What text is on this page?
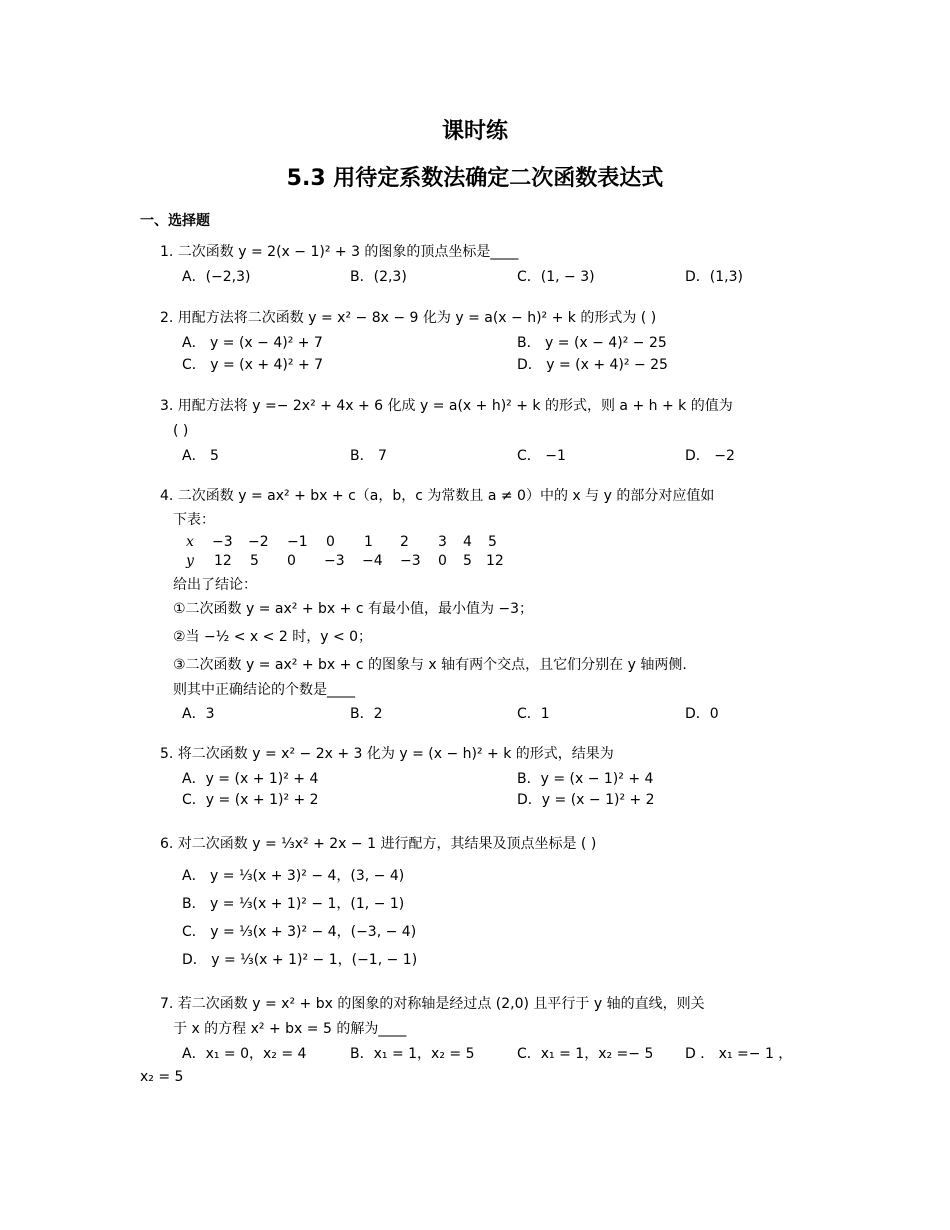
课时练
5.3 用待定系数法确定二次函数表达式
一、选择题
1. 二次函数 y = 2(x − 1)² + 3 的图象的顶点坐标是____
A．(−2,3)	B．(2,3)	C．(1, − 3)	D．(1,3)
2. 用配方法将二次函数 y = x² − 8x − 9 化为 y = a(x − h)² + k 的形式为 ( )
A． y = (x − 4)² + 7	B． y = (x − 4)² − 25
C． y = (x + 4)² + 7	D． y = (x + 4)² − 25
3. 用配方法将 y =− 2x² + 4x + 6 化成 y = a(x + h)² + k 的形式，则 a + h + k 的值为
( )
A． 5	B． 7	C． −1	D． −2
4. 二次函数 y = ax² + bx + c（a，b，c 为常数且 a ≠ 0）中的 x 与 y 的部分对应值如
下表：
x −3 −2 −1 0 1 2 3 4 5
y 12 5 0 −3 −4 −3 0 5 12
给出了结论：
①二次函数 y = ax² + bx + c 有最小值，最小值为 −3；
②当 −½ < x < 2 时，y < 0；
③二次函数 y = ax² + bx + c 的图象与 x 轴有两个交点，且它们分别在 y 轴两侧.
则其中正确结论的个数是____
A．3	B．2	C．1	D．0
5. 将二次函数 y = x² − 2x + 3 化为 y = (x − h)² + k 的形式，结果为
A．y = (x + 1)² + 4	B．y = (x − 1)² + 4
C．y = (x + 1)² + 2	D．y = (x − 1)² + 2
6. 对二次函数 y = ⅓x² + 2x − 1 进行配方，其结果及顶点坐标是 ( )
A． y = ⅓(x + 3)² − 4，(3, − 4)
B． y = ⅓(x + 1)² − 1，(1, − 1)
C． y = ⅓(x + 3)² − 4，(−3, − 4)
D． y = ⅓(x + 1)² − 1，(−1, − 1)
7. 若二次函数 y = x² + bx 的图象的对称轴是经过点 (2,0) 且平行于 y 轴的直线，则关
于 x 的方程 x² + bx = 5 的解为____
A．x₁ = 0，x₂ = 4	B．x₁ = 1，x₂ = 5	C．x₁ = 1，x₂ =− 5 D ． x₁ =− 1 ，
x₂ = 5
